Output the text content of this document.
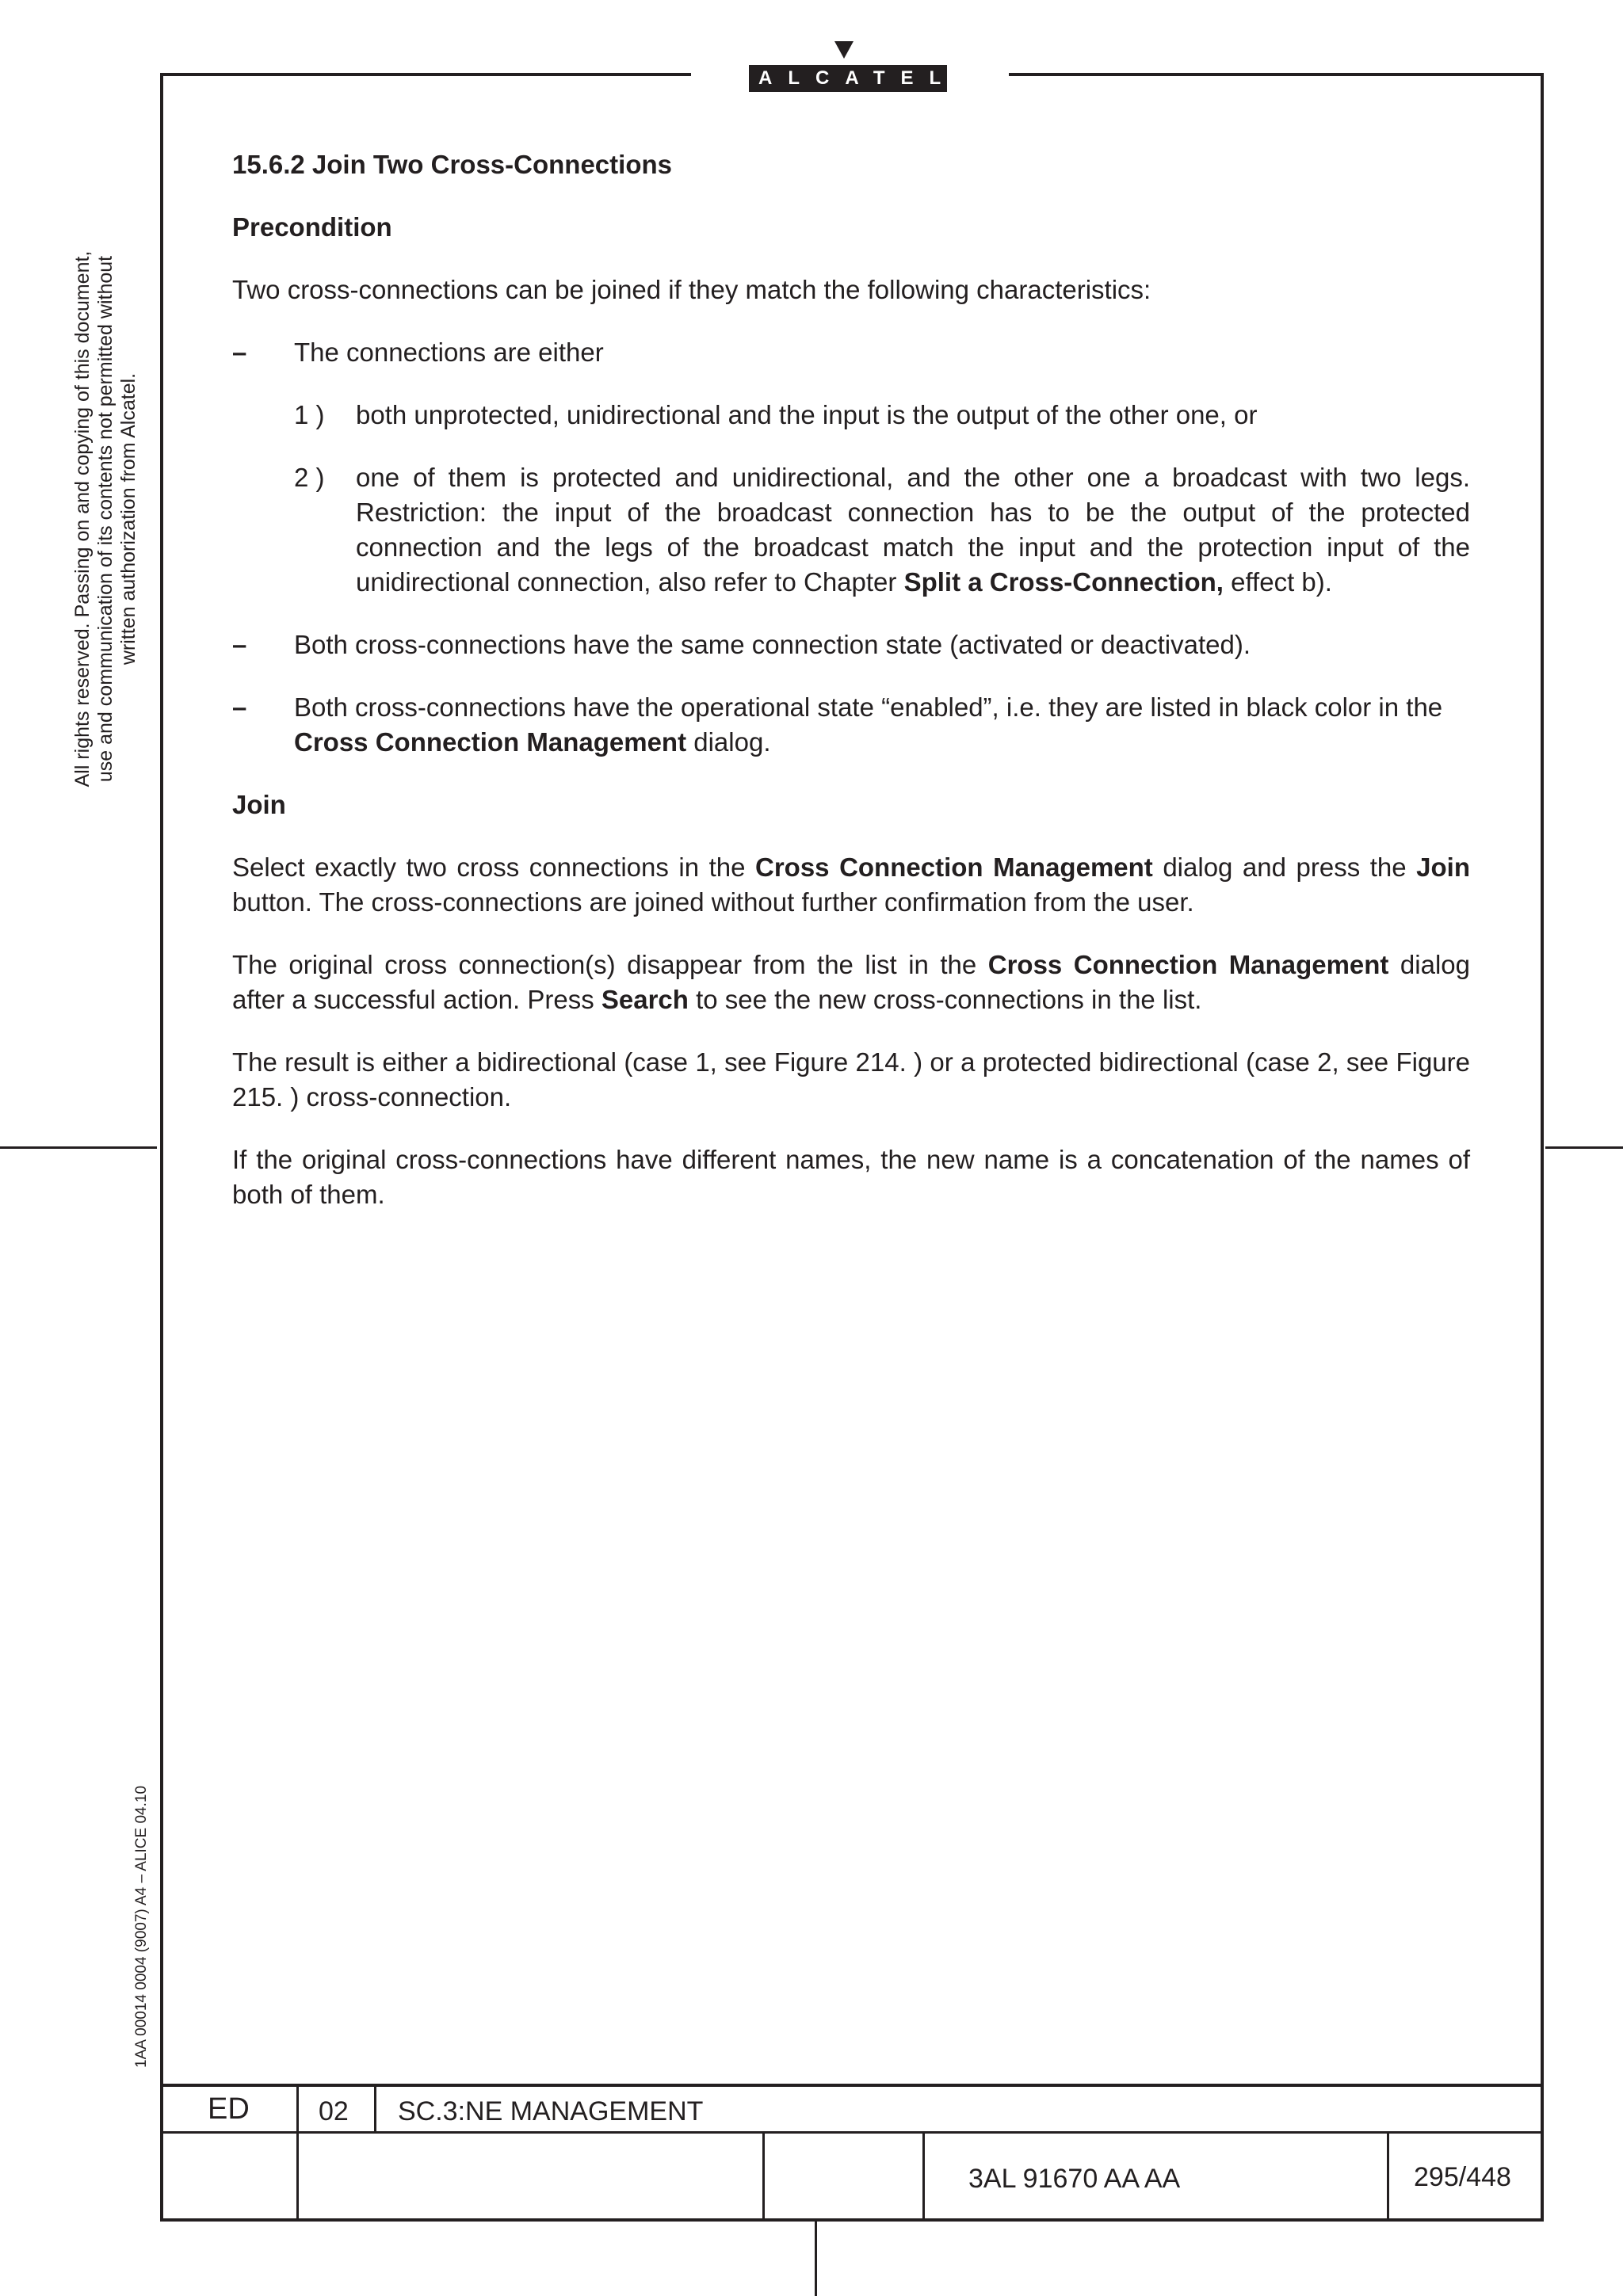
ALCATEL
All rights reserved. Passing on and copying of this document, use and communication of its contents not permitted without written authorization from Alcatel.
1AA 00014 0004 (9007) A4 – ALICE 04.10

15.6.2 Join Two Cross-Connections

Precondition

Two cross-connections can be joined if they match the following characteristics:

– The connections are either
1 ) both unprotected, unidirectional and the input is the output of the other one, or
2 ) one of them is protected and unidirectional, and the other one a broadcast with two legs. Restriction: the input of the broadcast connection has to be the output of the protected connection and the legs of the broadcast match the input and the protection input of the unidirectional connection, also refer to Chapter Split a Cross-Connection, effect b).
– Both cross-connections have the same connection state (activated or deactivated).
– Both cross-connections have the operational state “enabled”, i.e. they are listed in black color in the Cross Connection Management dialog.

Join

Select exactly two cross connections in the Cross Connection Management dialog and press the Join button. The cross-connections are joined without further confirmation from the user.

The original cross connection(s) disappear from the list in the Cross Connection Management dialog after a successful action. Press Search to see the new cross-connections in the list.

The result is either a bidirectional (case 1, see Figure 214. ) or a protected bidirectional (case 2, see Figure 215. ) cross-connection.

If the original cross-connections have different names, the new name is a concatenation of the names of both of them.

ED	02 SC.3:NE MANAGEMENT
3AL 91670 AA AA	295/448
